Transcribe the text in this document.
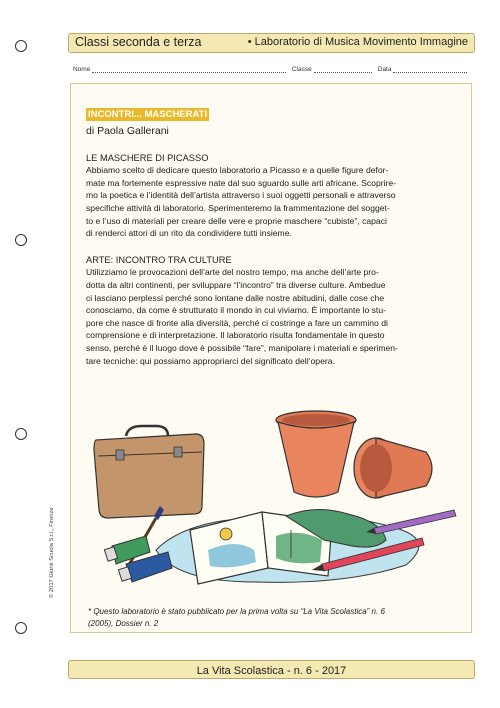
Classi seconda e terza	• Laboratorio di Musica Movimento Immagine
Nome	Classe	Data
INCONTRI... MASCHERATI
di Paola Gallerani
LE MASCHERE DI PICASSO
Abbiamo scelto di dedicare questo laboratorio a Picasso e a quelle figure defor-
mate ma fortemente espressive nate dal suo sguardo sulle arti africane. Scoprire-
mo la poetica e l’identità dell’artista attraverso i suoi oggetti personali e attraverso
specifiche attività di laboratorio. Sperimenteremo la frammentazione del sogget-
to e l’uso di materiali per creare delle vere e proprie maschere “cubiste”, capaci
di renderci attori di un rito da condividere tutti insieme.
ARTE: INCONTRO TRA CULTURE
Utilizziamo le provocazioni dell’arte del nostro tempo, ma anche dell’arte pro-
dotta da altri continenti, per sviluppare “l’incontro” tra diverse culture. Ambedue
ci lasciano perplessi perché sono lontane dalle nostre abitudini, dalle cose che
conosciamo, da come è strutturato il mondo in cui viviamo. È importante lo stu-
pore che nasce di fronte alla diversità, perché ci costringe a fare un cammino di
comprensione e di interpretazione. Il laboratorio risulta fondamentale in questo
senso, perché è il luogo dove è possibile “fare”, manipolare i materiali e sperimen-
tare tecniche: qui possiamo appropriarci del significato dell’opera.
© 2017 Giunti Scuola S.r.l., Firenze
* Questo laboratorio è stato pubblicato per la prima volta su “La Vita Scolastica” n. 6
(2005), Dossier n. 2
La Vita Scolastica - n. 6 - 2017
